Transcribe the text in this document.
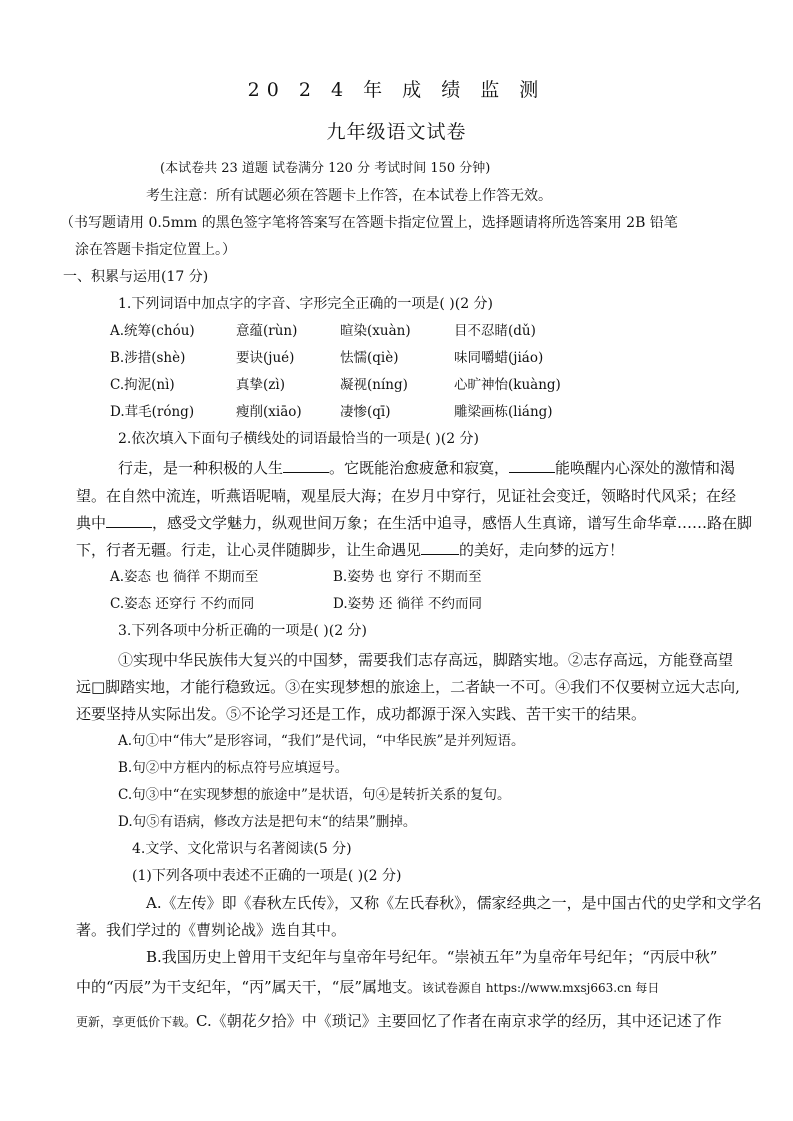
20 2 4 年 成 绩 监 测
九年级语文试卷
(本试卷共 23 道题 试卷满分 120 分 考试时间 150 分钟)
考生注意：所有试题必须在答题卡上作答，在本试卷上作答无效。
（书写题请用 0.5mm 的黑色签字笔将答案写在答题卡指定位置上，选择题请将所选答案用 2B 铅笔
涂在答题卡指定位置上。）
一、积累与运用(17 分)
1.下列词语中加点字的字音、字形完全正确的一项是( )(2 分)
A.统筹(chóu)	意蕴(rùn)	暄染(xuàn)	目不忍睹(dǔ)
B.涉措(shè)	要诀(jué)	怯懦(qiè)	味同嚼蜡(jiáo)
C.拘泥(nì)	真挚(zì)	凝视(níng)	心旷神怡(kuàng)
D.茸毛(róng)	瘦削(xiāo)	凄惨(qī)	雕梁画栋(liáng)
2.依次填入下面句子横线处的词语最恰当的一项是( )(2 分)
行走，是一种积极的人生	。它既能治愈疲惫和寂寞，	能唤醒内心深处的激情和渴
望。在自然中流连，听燕语呢喃，观星辰大海；在岁月中穿行，见证社会变迁，领略时代风采；在经
典中	，感受文学魅力，纵观世间万象；在生活中追寻，感悟人生真谛，谱写生命华章……路在脚
下，行者无疆。行走，让心灵伴随脚步，让生命遇见	的美好，走向梦的远方！
A.姿态 也 徜徉 不期而至	B.姿势 也 穿行 不期而至
C.姿态 还穿行 不约而同	D.姿势 还 徜徉 不约而同
3.下列各项中分析正确的一项是( )(2 分)
①实现中华民族伟大复兴的中国梦，需要我们志存高远，脚踏实地。②志存高远，方能登高望
远□脚踏实地，才能行稳致远。③在实现梦想的旅途上，二者缺一不可。④我们不仅要树立远大志向,
还要坚持从实际出发。⑤不论学习还是工作，成功都源于深入实践、苦干实干的结果。
A.句①中“伟大”是形容词，“我们”是代词，“中华民族”是并列短语。
B.句②中方框内的标点符号应填逗号。
C.句③中“在实现梦想的旅途中”是状语，句④是转折关系的复句。
D.句⑤有语病，修改方法是把句末“的结果”删掉。
4.文学、文化常识与名著阅读(5 分)
(1)下列各项中表述不正确的一项是( )(2 分)
A.《左传》即《春秋左氏传》，又称《左氏春秋》，儒家经典之一，是中国古代的史学和文学名
著。我们学过的《曹刿论战》选自其中。
B.我国历史上曾用干支纪年与皇帝年号纪年。“崇祯五年”为皇帝年号纪年；“丙辰中秋”
中的“丙辰”为干支纪年，“丙”属天干，“辰”属地支。该试卷源自 https://www.mxsj663.cn 每日
更新，享更低价下载。C.《朝花夕拾》中《琐记》主要回忆了作者在南京求学的经历，其中还记述了作
